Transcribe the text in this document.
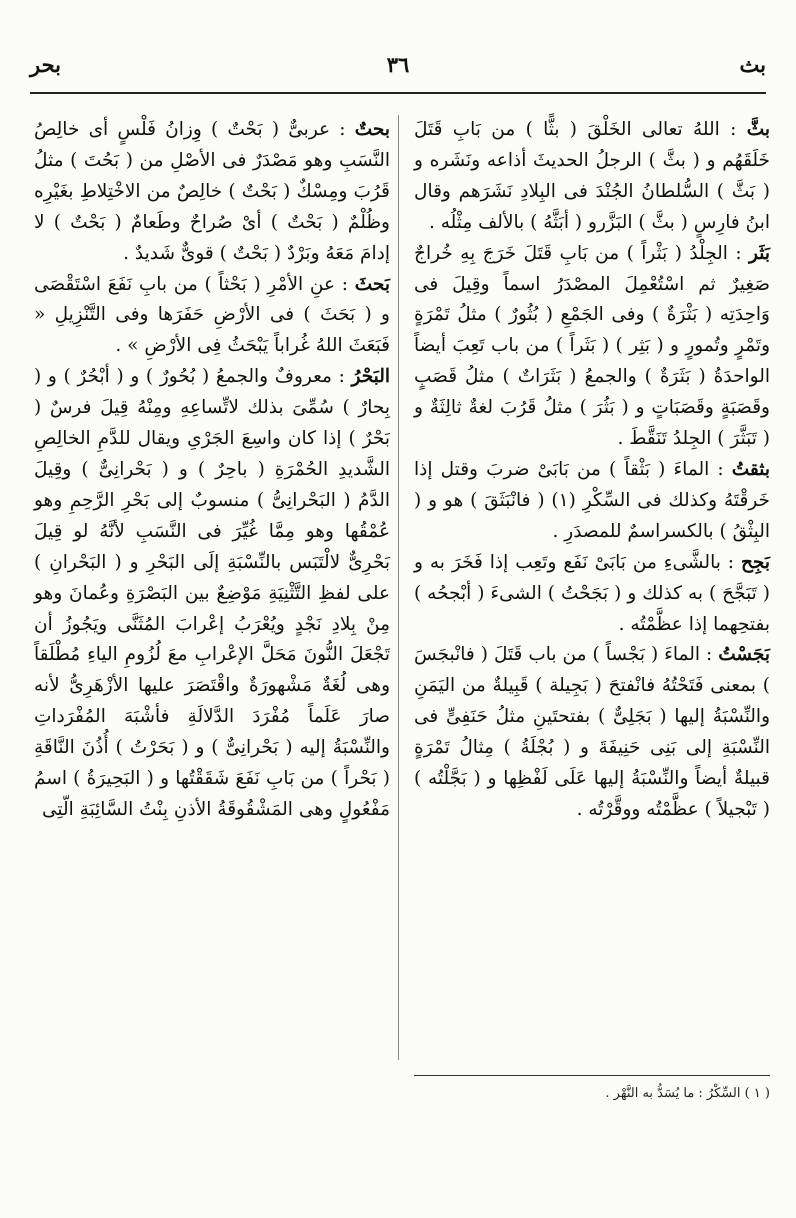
بث
٣٦
بحر

بثَّ : اللهُ تعالى الخَلْقَ ( بثًّا ) من بَابِ قَتَلَ خَلَقَهُم و ( بثَّ ) الرجلُ الحديثَ أذاعه ونَشَره و ( بَثَّ ) السُّلطانُ الجُنْدَ فى البِلادِ نَشَرَهم وقال ابنُ فارِسٍ ( بثَّ ) البَزَّرو ( أبَثَّهُ ) بالألف مِثْلُه .

بَثَر : الجِلْدُ ( بَثْراً ) من بَابِ قَتَلَ خَرَجَ بِهِ خُراجٌ صَغِيرٌ ثم اسْتُعْمِلَ المصْدَرُ اسماً وقِيلَ فى وَاحِدَتِه ( بَثْرَةٌ ) وفى الجَمْعِ ( بُثُورٌ ) مثلُ تَمْرَةٍ وتَمْرٍ وتُمورٍ و ( بَثِر ) ( بَثَراً ) من باب تَعِبَ أيضاً الواحدَةُ ( بَثَرَةٌ ) والجمعُ ( بَثَرَاتٌ ) مثلُ قَصَبٍ وقَصَبَةٍ وقَصَبَاتٍ و ( بَثُرَ ) مثلُ قَرُبَ لغةٌ ثالِثَةٌ و ( تَبَثَّرَ ) الجِلدُ تَنَقَّطَ .

بثقتُ : الماءَ ( بَثْقاً ) من بَابَىْ ضربَ وقتل إذا خَرقْتَهُ وكذلك فى السِّكْرِ (١) ( فانْبَثَقَ ) هو و ( البِثْقُ ) بالكسراسمٌ للمصدَرِ .

بَجِح : بالشَّىءِ من بَابَىْ نَفَع وتَعِب إذا فَخَرَ به و ( تَبَجَّحَ ) به كذلك و ( بَجَحْتُ ) الشىءَ ( أبْجحُه ) بفتحِهما إذا عظَّمْتُه .

بَجَسْتُ : الماءَ ( بَجْساً ) من باب قَتَلَ ( فانْبجَسَ ) بمعنى فَتَحْتُهُ فانْفتحَ ( بَجِيلة ) قَبِيلةٌ من اليَمَنِ والنِّسْبَةُ إليها ( بَجَلِىٌّ ) بفتحتَينِ مثلُ حَنَفِىٍّ فى النِّسْبَةِ إلى بَنِى حَنِيفَةَ و ( بُجْلَةُ ) مِثالُ تَمْرَةٍ قبيلةٌ أيضاً والنِّسْبَةُ إليها عَلَى لَفْظِها و ( بَجَّلْتُه ) ( تَبْجيلاً ) عظَّمْتُه ووقَّرْتُه .

بحتٌ : عربىٌّ ( بَحْتٌ ) وِزانُ فَلْسٍ أى خالِصُ النَّسَبِ وهو مَصْدَرٌ فى الأصْلِ من ( بَحُتَ ) مثلُ قَرُبَ ومِسْكٌ ( بَحْتٌ ) خالِصٌ من الاخْتِلاطِ بغَيْرِه وظُلْمٌ ( بَحْتٌ ) أىْ صُراحٌ وطَعامٌ ( بَحْتٌ ) لا إدامَ مَعَهُ وبَرْدٌ ( بَحْتٌ ) قوىٌّ شَديدٌ .

بَحثَ : عنِ الأمْرِ ( بَحْثاً ) من بابِ نَفَعَ اسْتَقْصَى و ( بَحَثَ ) فى الأرْضِ حَفَرَها وفى التَّنْزِيلِ « فَبَعَثَ اللهُ غُراباً يَبْحَثُ فِى الأرْضِ » .

البَحْرُ : معروفٌ والجمعُ ( بُحُورٌ ) و ( أبْحُرٌ ) و ( بِحارٌ ) سُمِّىَ بذلك لاتِّساعِهِ ومِنْهُ قِيلَ فرسٌ ( بَحْرٌ ) إذا كان واسِعَ الجَرْىِ ويقال للدَّمِ الخالِصِ الشَّديدِ الحُمْرَةِ ( باحِرٌ ) و ( بَحْرانِىٌّ ) وقِيلَ الدَّمُ ( البَحْرانِىُّ ) منسوبٌ إلى بَحْرِ الرَّحِمِ وهو عُمْقُها وهو مِمَّا غُيِّرَ فى النَّسَبِ لأنَّهُ لو قِيلَ بَحْرِىٌّ لالْتَبَس بالنِّسْبَةِ إلَى البَحْرِ و ( البَحْرانِ ) على لفظِ التَّثْنِيَةِ مَوْضِعٌ بين البَصْرَةِ وعُمانَ وهو مِنْ بِلادِ نَجْدٍ ويُعْرَبُ إعْرابَ المُثَنَّى ويَجُوزُ أن تَجْعَلَ النُّونَ مَحَلَّ الإعْرابِ معَ لُزُومِ الياءِ مُطْلَقاً وهى لُغَةٌ مَشْهورَةٌ واقْتَصَرَ عليها الأزْهَرِىُّ لأنه صارَ عَلَماً مُفْرَدَ الدَّلالَةِ فأشْبَهَ المُفْرَداتِ والنِّسْبَةُ إليه ( بَحْرانِىٌّ ) و ( بَحَرْتُ ) أُذُنَ النَّاقَةِ ( بَحْراً ) من بَابِ نَفَعَ شَقَقْتُها و ( البَحِيرَةُ ) اسمُ مَفْعُولٍ وهى المَشْقُوقَةُ الأذنِ بِنْتُ السَّائِبَةِ الّتِى

( ١ ) السِّكْرُ : ما يُسَدُّ به النَّهْر .
